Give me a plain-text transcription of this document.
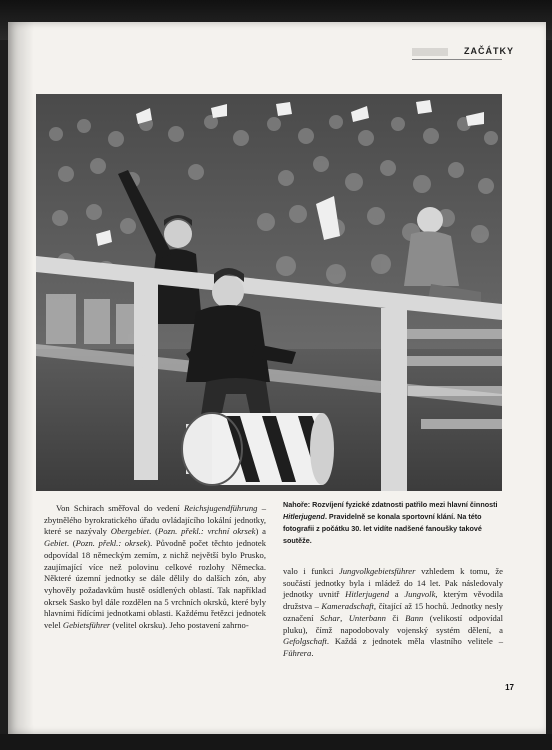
ZAČÁTKY
Nahoře: Rozvíjení fyzické zdatnosti patřilo mezi hlavní činnosti Hitlerjugend. Pravidelně se konala sportovní klání. Na této fotografii z počátku 30. let vidíte nadšené fanoušky takové soutěže.

Von Schirach směřoval do vedení Reichsjugendführung – zbytnělého byrokratického úřadu ovládajícího lokální jednotky, které se nazývaly Obergebiet. (Pozn. překl.: vrchní okrsek) a Gebiet. (Pozn. překl.: okrsek). Původně počet těchto jednotek odpovídal 18 německým zemím, z nichž největší bylo Prusko, zaujímající více než polovinu celkové rozlohy Německa. Některé územní jednotky se dále dělily do dalších zón, aby vyhověly požadavkům hustě osídlených oblastí. Tak například okrsek Sasko byl dále rozdělen na 5 vrchních okrsků, které byly hlavními řídícími jednotkami oblasti. Každému řetězci jednotek velel Gebietsführer (velitel okrsku). Jeho postavení zahrno-

valo i funkci Jungvolkgebietsführer vzhledem k tomu, že součástí jednotky byla i mládež do 14 let. Pak následovaly jednotky uvnitř Hitlerjugend a Jungvolk, kterým věvodila družstva – Kameradschaft, čítající až 15 hochů. Jednotky nesly označení Schar, Unterbann či Bann (velikostí odpovídal pluku), čímž napodobovaly vojenský systém dělení, a Gefolgschaft. Každá z jednotek měla vlastního velitele – Führera.

17
